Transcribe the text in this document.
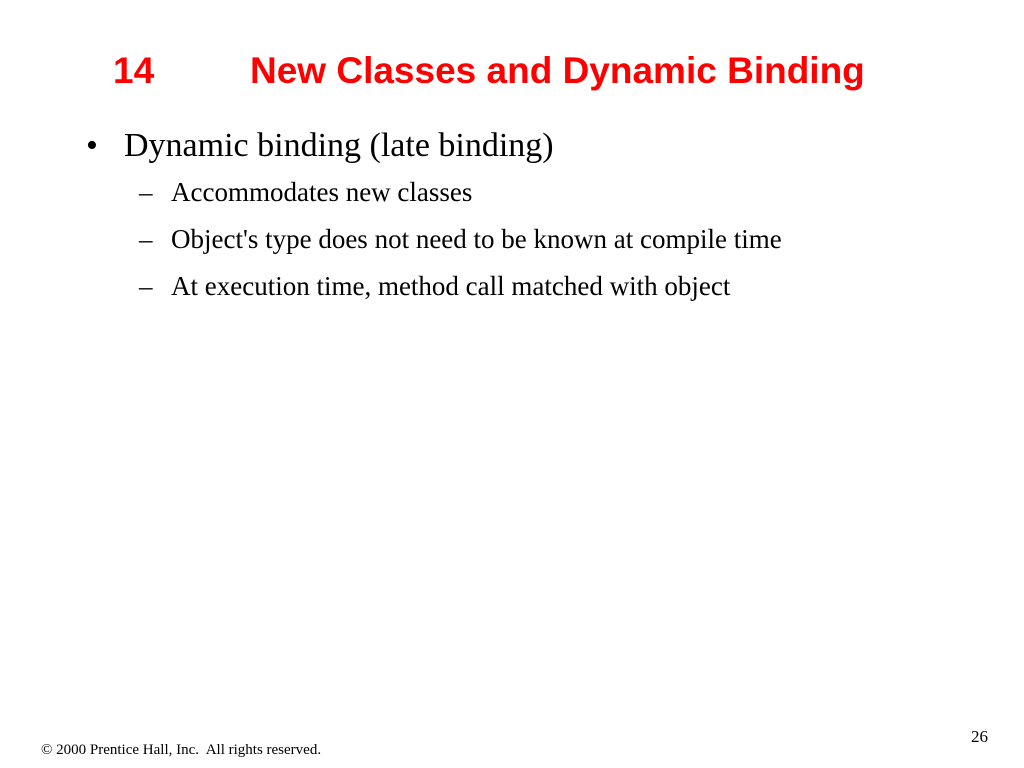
14	New Classes and Dynamic Binding
• Dynamic binding (late binding)
– Accommodates new classes
– Object's type does not need to be known at compile time
– At execution time, method call matched with object
26
© 2000 Prentice Hall, Inc.  All rights reserved.
